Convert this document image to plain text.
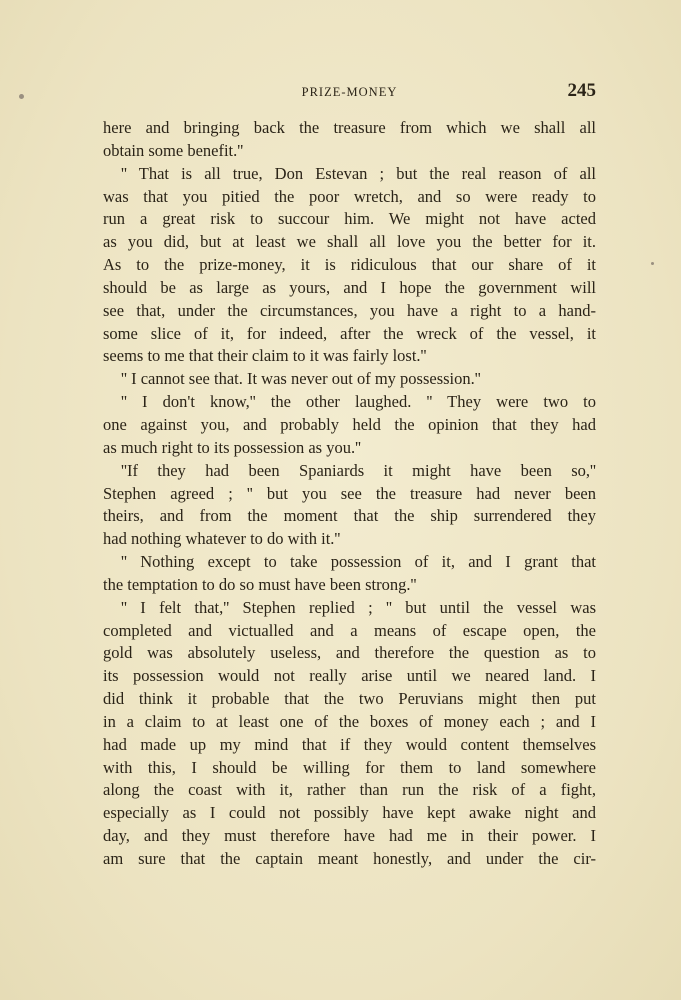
PRIZE-MONEY	245
here and bringing back the treasure from which we shall all
obtain some benefit.''
'' That is all true, Don Estevan ; but the real reason of all
was that you pitied the poor wretch, and so were ready to
run a great risk to succour him. We might not have acted
as you did, but at least we shall all love you the better for it.
As to the prize-money, it is ridiculous that our share of it
should be as large as yours, and I hope the government will
see that, under the circumstances, you have a right to a hand-
some slice of it, for indeed, after the wreck of the vessel, it
seems to me that their claim to it was fairly lost.''
'' I cannot see that. It was never out of my possession.''
'' I don't know,'' the other laughed. '' They were two to
one against you, and probably held the opinion that they had
as much right to its possession as you.''
''If they had been Spaniards it might have been so,''
Stephen agreed ; '' but you see the treasure had never been
theirs, and from the moment that the ship surrendered they
had nothing whatever to do with it.''
'' Nothing except to take possession of it, and I grant that
the temptation to do so must have been strong.''
'' I felt that,'' Stephen replied ; '' but until the vessel was
completed and victualled and a means of escape open, the
gold was absolutely useless, and therefore the question as to
its possession would not really arise until we neared land. I
did think it probable that the two Peruvians might then put
in a claim to at least one of the boxes of money each ; and I
had made up my mind that if they would content themselves
with this, I should be willing for them to land somewhere
along the coast with it, rather than run the risk of a fight,
especially as I could not possibly have kept awake night and
day, and they must therefore have had me in their power. I
am sure that the captain meant honestly, and under the cir-
